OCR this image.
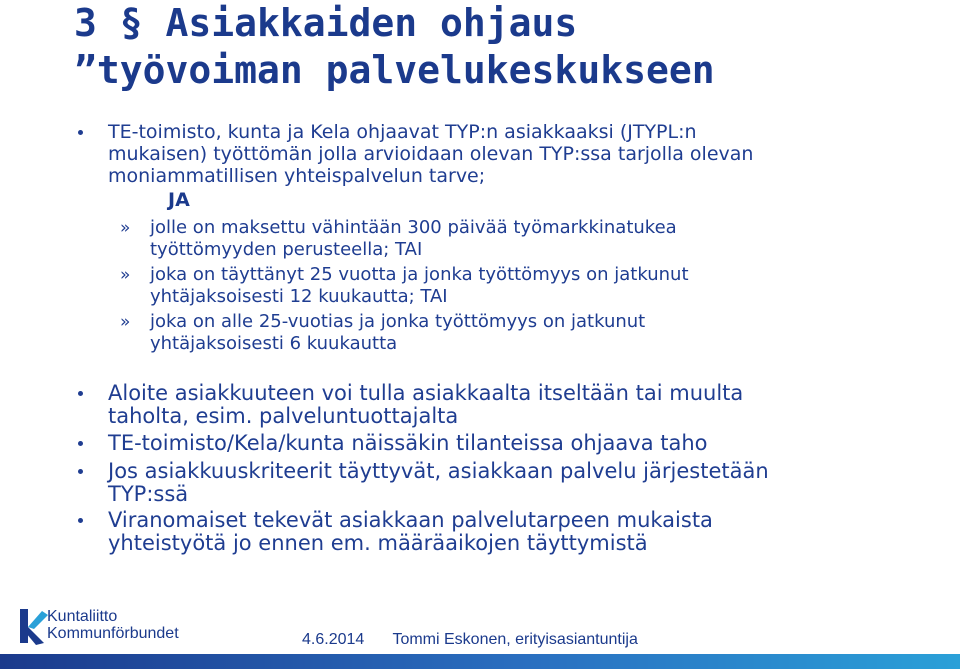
3 § Asiakkaiden ohjaus
”työvoiman palvelukeskukseen
TE-toimisto, kunta ja Kela ohjaavat TYP:n asiakkaaksi (JTYPL:n
mukaisen) työttömän jolla arvioidaan olevan TYP:ssa tarjolla olevan
moniammatillisen yhteispalvelun tarve;
JA
» jolle on maksettu vähintään 300 päivää työmarkkinatukea
työttömyyden perusteella; TAI
» joka on täyttänyt 25 vuotta ja jonka työttömyys on jatkunut
yhtäjaksoisesti 12 kuukautta; TAI
» joka on alle 25-vuotias ja jonka työttömyys on jatkunut
yhtäjaksoisesti 6 kuukautta
Aloite asiakkuuteen voi tulla asiakkaalta itseltään tai muulta
taholta, esim. palveluntuottajalta
TE-toimisto/Kela/kunta näissäkin tilanteissa ohjaava taho
Jos asiakkuuskriteerit täyttyvät, asiakkaan palvelu järjestetään
TYP:ssä
Viranomaiset tekevät asiakkaan palvelutarpeen mukaista
yhteistyötä jo ennen em. määräaikojen täyttymistä
Kuntaliitto
Kommunförbundet	4.6.2014 Tommi Eskonen, erityisasiantuntija
